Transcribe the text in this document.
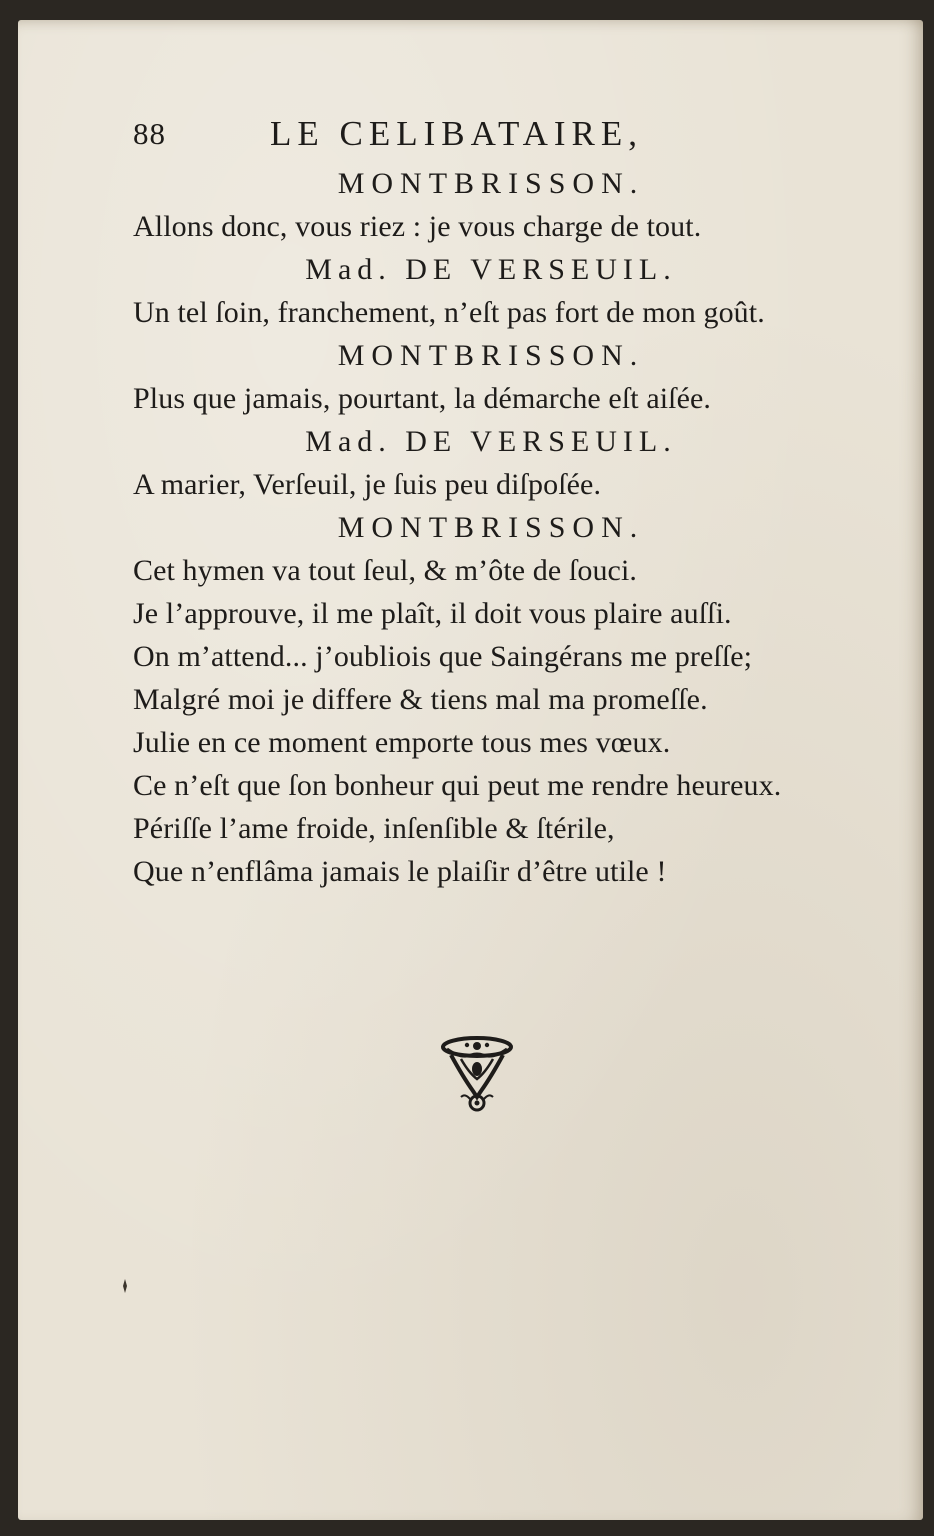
88	LE CELIBATAIRE,
MONTBRISSON.
Allons donc, vous riez : je vous charge de tout.
Mad. DE VERSEUIL.
Un tel ſoin, franchement, n’eſt pas fort de mon goût.
MONTBRISSON.
Plus que jamais, pourtant, la démarche eſt aiſée.
Mad. DE VERSEUIL.
A marier, Verſeuil, je ſuis peu diſpoſée.
MONTBRISSON.
Cet hymen va tout ſeul, & m’ôte de ſouci.
Je l’approuve, il me plaît, il doit vous plaire auſſi.
On m’attend... j’oubliois que Saingérans me preſſe;
Malgré moi je differe & tiens mal ma promeſſe.
Julie en ce moment emporte tous mes vœux.
Ce n’eſt que ſon bonheur qui peut me rendre heureux.
Périſſe l’ame froide, inſenſible & ſtérile,
Que n’enflâma jamais le plaiſir d’être utile !
